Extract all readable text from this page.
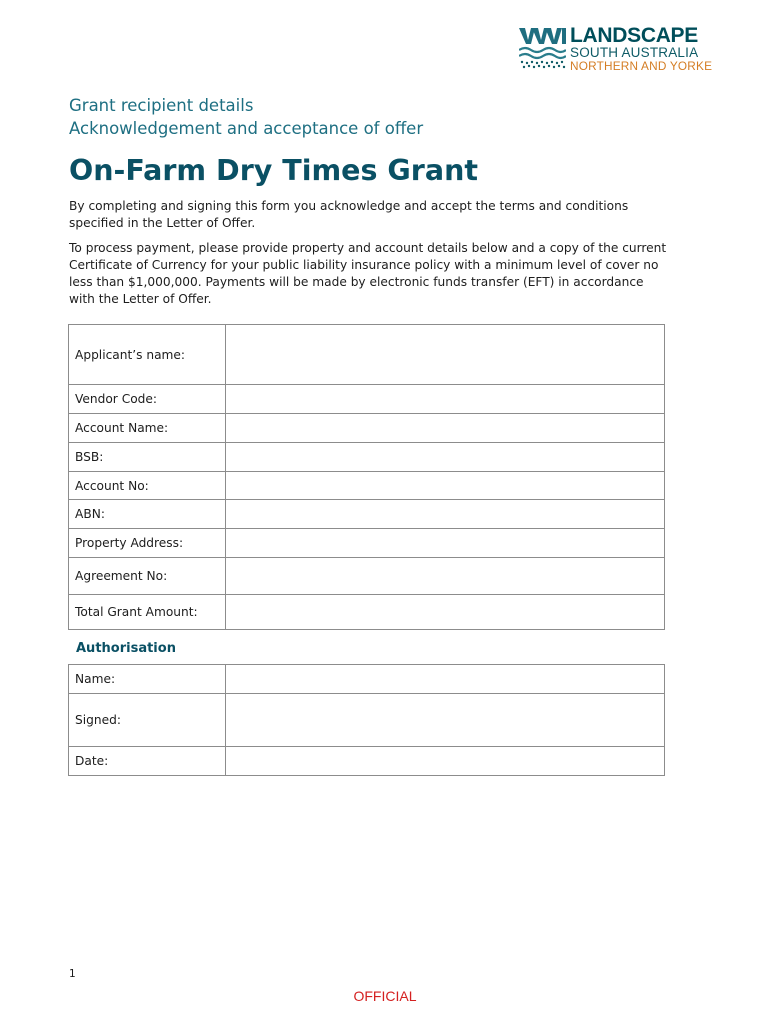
LANDSCAPE
SOUTH AUSTRALIA
NORTHERN AND YORKE
Grant recipient details
Acknowledgement and acceptance of offer
On-Farm Dry Times Grant
By completing and signing this form you acknowledge and accept the terms and conditions specified in the Letter of Offer.
To process payment, please provide property and account details below and a copy of the current Certificate of Currency for your public liability insurance policy with a minimum level of cover no less than $1,000,000. Payments will be made by electronic funds transfer (EFT) in accordance with the Letter of Offer.
Applicant’s name:	
Vendor Code:	
Account Name:	
BSB:	
Account No:	
ABN:	
Property Address:	
Agreement No:	
Total Grant Amount:	
Authorisation
Name:	
Signed:	
Date:	
1
OFFICIAL
